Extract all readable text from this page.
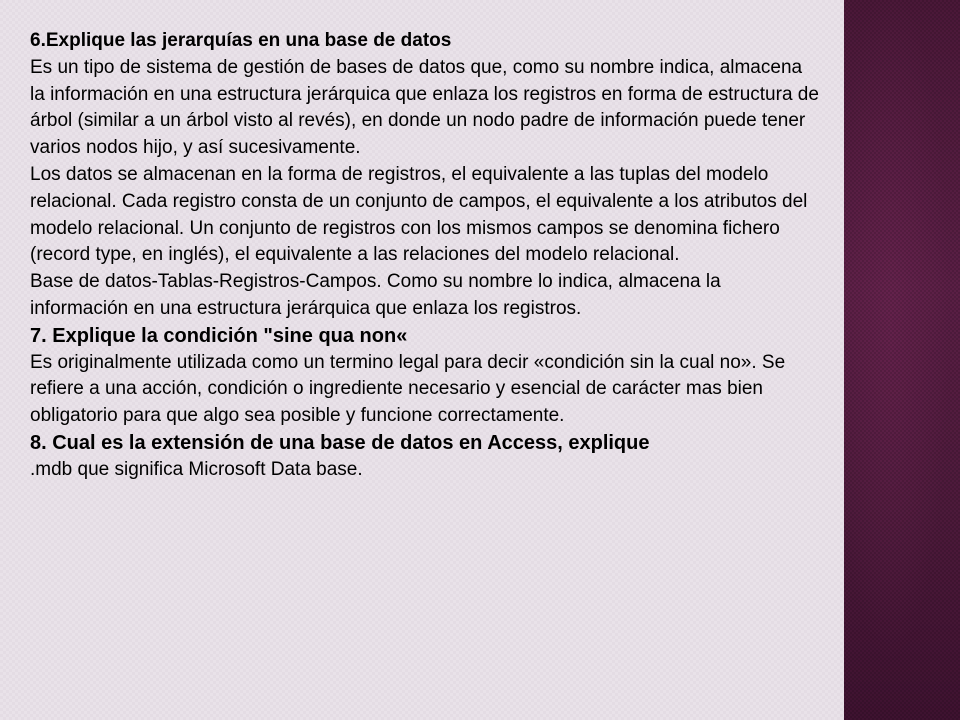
6.Explique las jerarquías en una base de datos

Es un tipo de sistema de gestión de bases de datos que, como su nombre indica, almacena la información en una estructura jerárquica que enlaza los registros en forma de estructura de árbol (similar a un árbol visto al revés), en donde un nodo padre de información puede tener varios nodos hijo, y así sucesivamente.

Los datos se almacenan en la forma de registros, el equivalente a las tuplas del modelo relacional. Cada registro consta de un conjunto de campos, el equivalente a los atributos del modelo relacional. Un conjunto de registros con los mismos campos se denomina fichero (record type, en inglés), el equivalente a las relaciones del modelo relacional.

Base de datos-Tablas-Registros-Campos. Como su nombre lo indica, almacena la información en una estructura jerárquica que enlaza los registros.

7. Explique la condición "sine qua non«

Es originalmente utilizada como un termino legal para decir «condición sin la cual no». Se refiere a una acción, condición o ingrediente necesario y esencial de carácter mas bien obligatorio para que algo sea posible y funcione correctamente.

8. Cual es la extensión de una base de datos en Access, explique

.mdb que significa Microsoft Data base.
